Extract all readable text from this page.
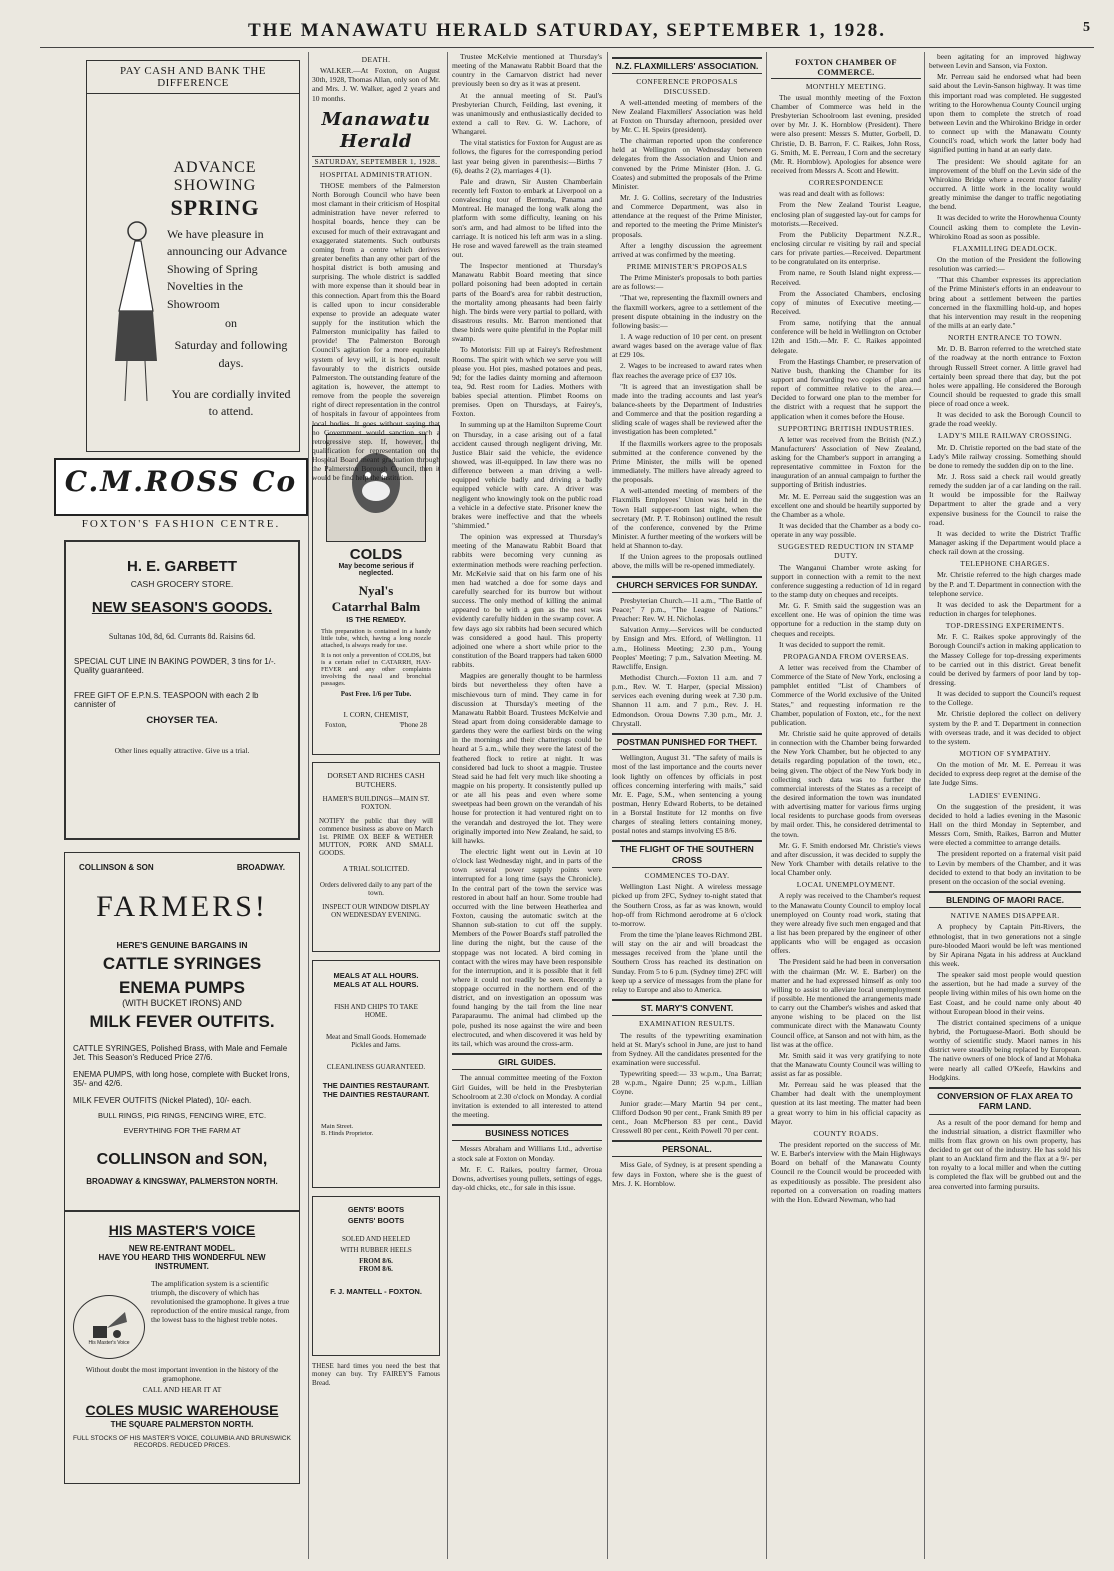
THE MANAWATU HERALD SATURDAY, SEPTEMBER 1, 1928.	5
PAY CASH AND BANK THE DIFFERENCE
ADVANCE SHOWING
SPRING
We have pleasure in announcing our Advance Showing of Spring Novelties in the Showroom
on
Saturday and following days.
You are cordially invited to attend.
C.M.ROSS Co
FOXTON'S FASHION CENTRE.
H. E. GARBETT
CASH GROCERY STORE.
NEW SEASON'S GOODS.
Sultanas 10d, 8d, 6d. Currants 8d. Raisins 6d.
SPECIAL CUT LINE IN BAKING POWDER, 3 tins for 1/-. Quality guaranteed.
FREE GIFT OF E.P.N.S. TEASPOON with each 2 lb cannister of
CHOYSER TEA.
Other lines equally attractive. Give us a trial.
COLLINSON & SON	BROADWAY.
FARMERS!
HERE'S GENUINE BARGAINS IN
CATTLE SYRINGES
ENEMA PUMPS
(WITH BUCKET IRONS) AND
MILK FEVER OUTFITS.
CATTLE SYRINGES, Polished Brass, with Male and Female Jet. This Season's Reduced Price 27/6.
ENEMA PUMPS, with long hose, complete with Bucket Irons, 35/- and 42/6.
MILK FEVER OUTFITS (Nickel Plated), 10/- each.
BULL RINGS, PIG RINGS, FENCING WIRE, ETC.
EVERYTHING FOR THE FARM AT
COLLINSON and SON,
BROADWAY & KINGSWAY, PALMERSTON NORTH.
HIS MASTER'S VOICE
NEW RE-ENTRANT MODEL.
HAVE YOU HEARD THIS WONDERFUL NEW INSTRUMENT.
His Master's Voice
The amplification system is a scientific triumph, the discovery of which has revolutionised the gramophone. It gives a true reproduction of the entire musical range, from the lowest bass to the highest treble notes.
Without doubt the most important invention in the history of the gramophone.
CALL AND HEAR IT AT
COLES MUSIC WAREHOUSE
THE SQUARE PALMERSTON NORTH.
FULL STOCKS OF HIS MASTER'S VOICE, COLUMBIA AND BRUNSWICK RECORDS. REDUCED PRICES.
COLDS
May become serious if neglected.
Nyal's
Catarrhal Balm
IS THE REMEDY.
This preparation is contained in a handy little tube, which, having a long nozzle attached, is always ready for use.
It is not only a prevention of COLDS, but is a certain relief in CATARRH, HAY-FEVER and any other complaints involving the nasal and bronchial passages.
Post Free. 1/6 per Tube.
I. CORN, CHEMIST,
Foxton,	'Phone 28
DORSET AND RICHES CASH BUTCHERS.
HAMER'S BUILDINGS—MAIN ST. FOXTON.
NOTIFY the public that they will commence business as above on March 1st. PRIME OX BEEF & WETHER MUTTON, PORK AND SMALL GOODS.
A TRIAL SOLICITED.
Orders delivered daily to any part of the town.
INSPECT OUR WINDOW DISPLAY ON WEDNESDAY EVENING.
MEALS AT ALL HOURS.
MEALS AT ALL HOURS.
FISH AND CHIPS TO TAKE HOME.
Meat and Small Goods. Homemade Pickles and Jams.
CLEANLINESS GUARANTEED.
THE DAINTIES RESTAURANT.
THE DAINTIES RESTAURANT.
Main Street.
B. Hinds Proprietor.
GENTS' BOOTS
GENTS' BOOTS
SOLED AND HEELED
WITH RUBBER HEELS
FROM 8/6.
FROM 8/6.
F. J. MANTELL - FOXTON.
THESE hard times you need the best that money can buy. Try FAIREY'S Famous Bread.
DEATH.

WALKER.—At Foxton, on August 30th, 1928, Thomas Allan, only son of Mr. and Mrs. J. W. Walker, aged 2 years and 10 months.

Manawatu Herald
SATURDAY, SEPTEMBER 1, 1928.
HOSPITAL ADMINISTRATION.

THOSE members of the Palmerston North Borough Council who have been most clamant in their criticism of Hospital administration have never referred to hospital boards, hence they can be excused for much of their extravagant and exaggerated statements. Such outbursts coming from a centre which derives greater benefits than any other part of the hospital district is both amusing and surprising. The whole district is saddled with more expense than it should bear in this connection. Apart from this the Board is called upon to incur considerable expense to provide an adequate water supply for the institution which the Palmerston municipality has failed to provide! The Palmerston Borough Council's agitation for a more equitable system of levy will, it is hoped, result favourably to the districts outside Palmerston. The outstanding feature of the agitation is, however, the attempt to remove from the people the sovereign right of direct representation in the control of hospitals in favour of appointees from local bodies. It goes without saying that no Government would sanction such a retrogressive step. If, however, the qualification for representation on the Hospital Board meant graduation through the Palmerston Borough Council, then it would be find help the institution.

Trustee McKelvie mentioned at Thursday's meeting of the Manawatu Rabbit Board that the country in the Carnarvon district had never previously been so dry as it was at present.

At the annual meeting of St. Paul's Presbyterian Church, Feilding, last evening, it was unanimously and enthusiastically decided to extend a call to Rev. G. W. Lachore, of Whangarei.

The vital statistics for Foxton for August are as follows, the figures for the corresponding period last year being given in parenthesis:—Births 7 (6), deaths 2 (2), marriages 4 (1).

Pale and drawn, Sir Austen Chamberlain recently left Foxton to embark at Liverpool on a convalescing tour of Bermuda, Panama and Montreal. He managed the long walk along the platform with some difficulty, leaning on his son's arm, and had almost to be lifted into the carriage. It is noticed his left arm was in a sling. He rose and waved farewell as the train steamed out.

The Inspector mentioned at Thursday's Manawatu Rabbit Board meeting that since pollard poisoning had been adopted in certain parts of the Board's area for rabbit destruction, the mortality among pheasants had been fairly high. The birds were very partial to pollard, with disastrous results. Mr. Barron mentioned that these birds were quite plentiful in the Poplar mill swamp.

To Motorists: Fill up at Fairey's Refreshment Rooms. The spirit with which we serve you will please you. Hot pies, mashed potatoes and peas, 9d; for the ladies dainty morning and afternoon tea, 9d. Rest room for Ladies. Mothers with babies special attention. Plimbet Rooms on premises. Open on Thursdays, at Fairey's, Foxton.

In summing up at the Hamilton Supreme Court on Thursday, in a case arising out of a fatal accident caused through negligent driving, Mr. Justice Blair said the vehicle, the evidence showed, was ill-equipped. In law there was no difference between a man driving a well-equipped vehicle badly and driving a badly equipped vehicle with care. A driver was negligent who knowingly took on the public road a vehicle in a defective state. Prisoner knew the brakes were ineffective and that the wheels "shimmied."

The opinion was expressed at Thursday's meeting of the Manawatu Rabbit Board that rabbits were becoming very cunning as extermination methods were reaching perfection. Mr. McKelvie said that on his farm one of his men had watched a doe for some days and carefully searched for its burrow but without success. The only method of killing the animal appeared to be with a gun as the nest was evidently carefully hidden in the swamp cover. A few days ago six rabbits had been secured which was considered a good haul. This property adjoined one where a short while prior to the constitution of the Board trappers had taken 6000 rabbits.

Magpies are generally thought to be harmless birds but nevertheless they often have a mischievous turn of mind. They came in for discussion at Thursday's meeting of the Manawatu Rabbit Board. Trustees McKelvie and Stead apart from doing considerable damage to gardens they were the earliest birds on the wing in the mornings and their chatterings could be heard at 5 a.m., while they were the latest of the feathered flock to retire at night. It was considered bad luck to shoot a magpie. Trustee Stead said he had felt very much like shooting a magpie on his property. It consistently pulled up or ate all his peas and even where some sweetpeas had been grown on the verandah of his house for protection it had ventured right on to the verandah and destroyed the lot. They were originally imported into New Zealand, he said, to kill hawks.

The electric light went out in Levin at 10 o'clock last Wednesday night, and in parts of the town several power supply points were interrupted for a long time (says the Chronicle). In the central part of the town the service was restored in about half an hour. Some trouble had occurred with the line between Heatherlea and Foxton, causing the automatic switch at the Shannon sub-station to cut off the supply. Members of the Power Board's staff patrolled the line during the night, but the cause of the stoppage was not located. A bird coming in contact with the wires may have been responsible for the interruption, and it is possible that it fell where it could not readily be seen. Recently a stoppage occurred in the northern end of the district, and on investigation an opossum was found hanging by the tail from the line near Paraparaumu. The animal had climbed up the pole, pushed its nose against the wire and been electrocuted, and when discovered it was held by its tail, which was around the cross-arm.

GIRL GUIDES.

The annual committee meeting of the Foxton Girl Guides, will be held in the Presbyterian Schoolroom at 2.30 o'clock on Monday. A cordial invitation is extended to all interested to attend the meeting.

BUSINESS NOTICES

Messrs Abraham and Williams Ltd., advertise a stock sale at Foxton on Monday.

Mr. F. C. Raikes, poultry farmer, Oroua Downs, advertises young pullets, settings of eggs, day-old chicks, etc., for sale in this issue.

N.Z. FLAXMILLERS' ASSOCIATION.
CONFERENCE PROPOSALS DISCUSSED.

A well-attended meeting of members of the New Zealand Flaxmillers' Association was held at Foxton on Thursday afternoon, presided over by Mr. C. H. Speirs (president).

The chairman reported upon the conference held at Wellington on Wednesday between delegates from the Association and Union and convened by the Prime Minister (Hon. J. G. Coates) and submitted the proposals of the Prime Minister.

Mr. J. G. Collins, secretary of the Industries and Commerce Department, was also in attendance at the request of the Prime Minister, and reported to the meeting the Prime Minister's proposals.

After a lengthy discussion the agreement arrived at was confirmed by the meeting.

PRIME MINISTER'S PROPOSALS

The Prime Minister's proposals to both parties are as follows:—

"That we, representing the flaxmill owners and the flaxmill workers, agree to a settlement of the present dispute obtaining in the industry on the following basis:—

1. A wage reduction of 10 per cent. on present award wages based on the average value of flax at £29 10s.

2. Wages to be increased to award rates when flax reaches the average price of £37 10s.

"It is agreed that an investigation shall be made into the trading accounts and last year's balance-sheets by the Department of Industries and Commerce and that the position regarding a sliding scale of wages shall be reviewed after the investigation has been completed."

If the flaxmills workers agree to the proposals submitted at the conference convened by the Prime Minister, the mills will be opened immediately. The millers have already agreed to the proposals.

A well-attended meeting of members of the Flaxmills Employees' Union was held in the Town Hall supper-room last night, when the secretary (Mr. P. T. Robinson) outlined the result of the conference, convened by the Prime Minister. A further meeting of the workers will be held at Shannon to-day.

If the Union agrees to the proposals outlined above, the mills will be re-opened immediately.

CHURCH SERVICES FOR SUNDAY.

Presbyterian Church.—11 a.m., "The Battle of Peace;" 7 p.m., "The League of Nations." Preacher: Rev. W. H. Nicholas.

Salvation Army.—Services will be conducted by Ensign and Mrs. Elford, of Wellington. 11 a.m., Holiness Meeting; 2.30 p.m., Young Peoples' Meeting; 7 p.m., Salvation Meeting. M. Rawcliffe, Ensign.

Methodist Church.—Foxton 11 a.m. and 7 p.m., Rev. W. T. Harper, (special Mission) services each evening during week at 7.30 p.m. Shannon 11 a.m. and 7 p.m., Rev. J. H. Edmondson. Oroua Downs 7.30 p.m., Mr. J. Chrystall.

POSTMAN PUNISHED FOR THEFT.

Wellington, August 31. "The safety of mails is most of the last importance and the courts never look lightly on offences by officials in post offices concerning interfering with mails," said Mr. E. Page, S.M., when sentencing a young postman, Henry Edward Roberts, to be detained in a Borstal Institute for 12 months on five charges of stealing letters containing money, postal notes and stamps involving £5 8/6.

THE FLIGHT OF THE SOUTHERN CROSS
COMMENCES TO-DAY.

Wellington Last Night. A wireless message picked up from 2FC, Sydney to-night stated that the Southern Cross, as far as was known, would hop-off from Richmond aerodrome at 6 o'clock to-morrow.

From the time the 'plane leaves Richmond 2BL will stay on the air and will broadcast the messages received from the 'plane until the Southern Cross has reached its destination on Sunday. From 5 to 6 p.m. (Sydney time) 2FC will keep up a service of messages from the plane for relay to Europe and also to America.

ST. MARY'S CONVENT.
EXAMINATION RESULTS.

The results of the typewriting examination held at St. Mary's school in June, are just to hand from Sydney. All the candidates presented for the examination were successful.

Typewriting speed:— 33 w.p.m., Una Barrat; 28 w.p.m., Ngaire Dunn; 25 w.p.m., Lillian Coyne.

Junior grade:—Mary Martin 94 per cent., Clifford Dodson 90 per cent., Frank Smith 89 per cent., Joan McPherson 83 per cent., David Cresswell 80 per cent., Keith Powell 70 per cent.

PERSONAL.

Miss Gale, of Sydney, is at present spending a few days in Foxton, where she is the guest of Mrs. J. K. Hornblow.

FOXTON CHAMBER OF COMMERCE.
MONTHLY MEETING.

The usual monthly meeting of the Foxton Chamber of Commerce was held in the Presbyterian Schoolroom last evening, presided over by Mr. J. K. Hornblow (President). There were also present: Messrs S. Mutter, Gorbell, D. Christie, D. B. Barron, F. C. Raikes, John Ross, G. Smith, M. E. Perreau, I Corn and the secretary (Mr. R. Hornblow). Apologies for absence were received from Messrs A. Scott and Hewitt.

CORRESPONDENCE

was read and dealt with as follows:

From the New Zealand Tourist League, enclosing plan of suggested lay-out for camps for motorists.—Received.

From the Publicity Department N.Z.R., enclosing circular re visiting by rail and special cars for private parties.—Received. Department to be congratulated on its enterprise.

From name, re South Island night express.—Received.

From the Associated Chambers, enclosing copy of minutes of Executive meeting.—Received.

From same, notifying that the annual conference will be held in Wellington on October 12th and 15th.—Mr. F. C. Raikes appointed delegate.

From the Hastings Chamber, re preservation of Native bush, thanking the Chamber for its support and forwarding two copies of plan and report of committee relative to the area.—Decided to forward one plan to the member for the district with a request that he support the application when it comes before the House.

SUPPORTING BRITISH INDUSTRIES.

A letter was received from the British (N.Z.) Manufacturers' Association of New Zealand, asking for the Chamber's support in arranging a representative committee in Foxton for the inauguration of an annual campaign to further the supporting of British industries.

Mr. M. E. Perreau said the suggestion was an excellent one and should be heartily supported by the Chamber as a whole.

It was decided that the Chamber as a body co-operate in any way possible.

SUGGESTED REDUCTION IN STAMP DUTY.

The Wanganui Chamber wrote asking for support in connection with a remit to the next conference suggesting a reduction of 1d in regard to the stamp duty on cheques and receipts.

Mr. G. F. Smith said the suggestion was an excellent one. He was of opinion the time was opportune for a reduction in the stamp duty on cheques and receipts.

It was decided to support the remit.

PROPAGANDA FROM OVERSEAS.

A letter was received from the Chamber of Commerce of the State of New York, enclosing a pamphlet entitled "List of Chambers of Commerce of the World exclusive of the United States," and requesting information re the Chamber, population of Foxton, etc., for the next publication.

Mr. Christie said he quite approved of details in connection with the Chamber being forwarded the New York Chamber, but he objected to any details regarding population of the town, etc., being given. The object of the New York body in collecting such data was to further the commercial interests of the States as a receipt of the desired information the town was inundated with advertising matter for various firms urging local residents to purchase goods from overseas by mail order. This, he considered detrimental to the town.

Mr. G. F. Smith endorsed Mr. Christie's views and after discussion, it was decided to supply the New York Chamber with details relative to the local Chamber only.

LOCAL UNEMPLOYMENT.

A reply was received to the Chamber's request to the Manawatu County Council to employ local unemployed on County road work, stating that they were already five such men engaged and that a list has been prepared by the engineer of other applicants who will be engaged as occasion offers.

The President said he had been in conversation with the chairman (Mr. W. E. Barber) on the matter and he had expressed himself as only too willing to assist to alleviate local unemployment if possible. He mentioned the arrangements made to carry out the Chamber's wishes and asked that anyone wishing to be placed on the list communicate direct with the Manawatu County Council office, at Sanson and not with him, as the list was at the office.

Mr. Smith said it was very gratifying to note that the Manawatu County Council was willing to assist as far as possible.

Mr. Perreau said he was pleased that the Chamber had dealt with the unemployment question at its last meeting. The matter had been a great worry to him in his official capacity as Mayor.

COUNTY ROADS.

The president reported on the success of Mr. W. E. Barber's interview with the Main Highways Board on behalf of the Manawatu County Council re the Council would be proceeded with as expeditiously as possible. The president also reported on a conversation on roading matters with the Hon. Edward Newman, who had

been agitating for an improved highway between Levin and Sanson, via Foxton.

Mr. Perreau said he endorsed what had been said about the Levin-Sanson highway. It was time this important road was completed. He suggested writing to the Horowhenua County Council urging upon them to complete the stretch of road between Levin and the Whirokino Bridge in order to connect up with the Manawatu County Council's road, which work the latter body had signified putting in hand at an early date.

The president: We should agitate for an improvement of the bluff on the Levin side of the Whirokino Bridge where a recent motor fatality occurred. A little work in the locality would greatly minimise the danger to traffic negotiating the bend.

It was decided to write the Horowhenua County Council asking them to complete the Levin-Whirokino Road as soon as possible.

FLAXMILLING DEADLOCK.

On the motion of the President the following resolution was carried:—

"That this Chamber expresses its appreciation of the Prime Minister's efforts in an endeavour to bring about a settlement between the parties concerned in the flaxmilling hold-up, and hopes that his intervention may result in the reopening of the mills at an early date."

NORTH ENTRANCE TO TOWN.

Mr. D. B. Barron referred to the wretched state of the roadway at the north entrance to Foxton through Russell Street corner. A little gravel had certainly been spread there that day, but the pot holes were appalling. He considered the Borough Council should be requested to grade this small piece of road once a week.

It was decided to ask the Borough Council to grade the road weekly.

LADY'S MILE RAILWAY CROSSING.

Mr. D. Christie reported on the bad state of the Lady's Mile railway crossing. Something should be done to remedy the sudden dip on to the line.

Mr. J. Ross said a check rail would greatly remedy the sudden jar of a car landing on the rail. It would be impossible for the Railway Department to alter the grade and a very expensive business for the Council to raise the road.

It was decided to write the District Traffic Manager asking if the Department would place a check rail down at the crossing.

TELEPHONE CHARGES.

Mr. Christie referred to the high charges made by the P. and T. Department in connection with the telephone service.

It was decided to ask the Department for a reduction in charges for telephones.

TOP-DRESSING EXPERIMENTS.

Mr. F. C. Raikes spoke approvingly of the Borough Council's action in making application to the Massey College for top-dressing experiments to be carried out in this district. Great benefit could be derived by farmers of poor land by top-dressing.

It was decided to support the Council's request to the College.

Mr. Christie deplored the collect on delivery system by the P. and T. Department in connection with overseas trade, and it was decided to object to the system.

MOTION OF SYMPATHY.

On the motion of Mr. M. E. Perreau it was decided to express deep regret at the demise of the late Judge Sims.

LADIES' EVENING.

On the suggestion of the president, it was decided to hold a ladies evening in the Masonic Hall on the third Monday in September, and Messrs Corn, Smith, Raikes, Barron and Mutter were elected a committee to arrange details.

The president reported on a fraternal visit paid to Levin by members of the Chamber, and it was decided to extend to that body an invitation to be present on the occasion of the social evening.

BLENDING OF MAORI RACE.
NATIVE NAMES DISAPPEAR.

A prophecy by Captain Pitt-Rivers, the ethnologist, that in two generations not a single pure-blooded Maori would be left was mentioned by Sir Apirana Ngata in his address at Auckland this week.

The speaker said most people would question the assertion, but he had made a survey of the people living within miles of his own home on the East Coast, and he could name only about 40 without European blood in their veins.

The district contained specimens of a unique hybrid, the Portuguese-Maori. Both should be worthy of scientific study. Maori names in his district were steadily being replaced by European. The native owners of one block of land at Mohaka were nearly all called O'Keefe, Hawkins and Hodgkins.

CONVERSION OF FLAX AREA TO FARM LAND.

As a result of the poor demand for hemp and the industrial situation, a district flaxmiller who mills from flax grown on his own property, has decided to get out of the industry. He has sold his plant to an Auckland firm and the flax at a 9/- per ton royalty to a local miller and when the cutting is completed the flax will be grubbed out and the area converted into farming pursuits.
